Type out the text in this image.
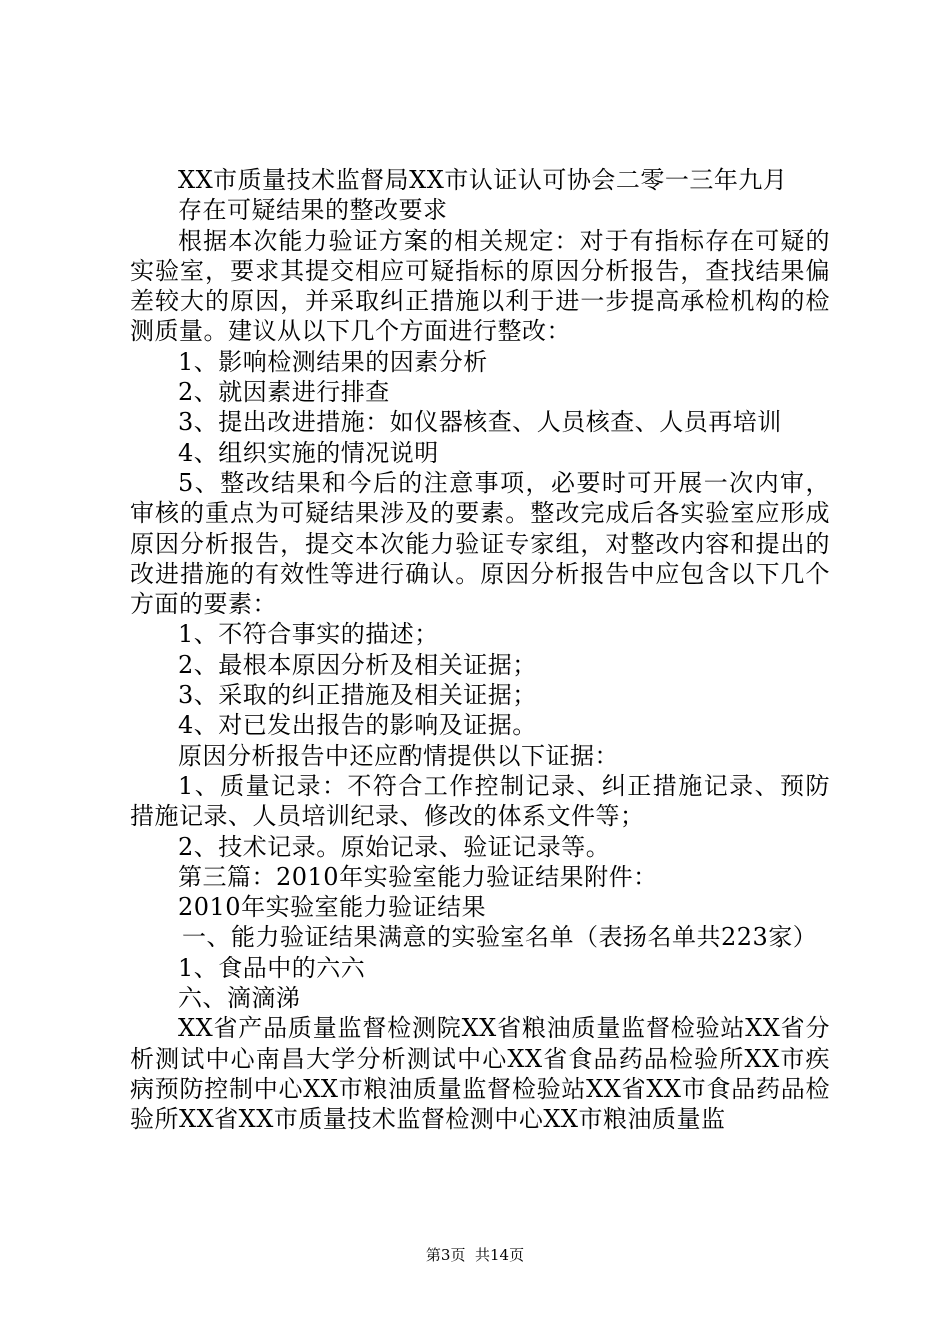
XX市质量技术监督局XX市认证认可协会二零一三年九月

存在可疑结果的整改要求

根据本次能力验证方案的相关规定：对于有指标存在可疑的实验室，要求其提交相应可疑指标的原因分析报告，查找结果偏差较大的原因，并采取纠正措施以利于进一步提高承检机构的检测质量。建议从以下几个方面进行整改：

1、影响检测结果的因素分析

2、就因素进行排查

3、提出改进措施：如仪器核查、人员核查、人员再培训

4、组织实施的情况说明

5、整改结果和今后的注意事项，必要时可开展一次内审，审核的重点为可疑结果涉及的要素。整改完成后各实验室应形成原因分析报告，提交本次能力验证专家组，对整改内容和提出的改进措施的有效性等进行确认。原因分析报告中应包含以下几个方面的要素：

1、不符合事实的描述；

2、最根本原因分析及相关证据；

3、采取的纠正措施及相关证据；

4、对已发出报告的影响及证据。

原因分析报告中还应酌情提供以下证据：

1、质量记录：不符合工作控制记录、纠正措施记录、预防措施记录、人员培训纪录、修改的体系文件等；

2、技术记录。原始记录、验证记录等。

第三篇：2010年实验室能力验证结果附件：

2010年实验室能力验证结果

一、能力验证结果满意的实验室名单（表扬名单共223家）

1、食品中的六六

六、滴滴涕

XX省产品质量监督检测院XX省粮油质量监督检验站XX省分析测试中心南昌大学分析测试中心XX省食品药品检验所XX市疾病预防控制中心XX市粮油质量监督检验站XX省XX市食品药品检验所XX省XX市质量技术监督检测中心XX市粮油质量监

第3页  共14页
